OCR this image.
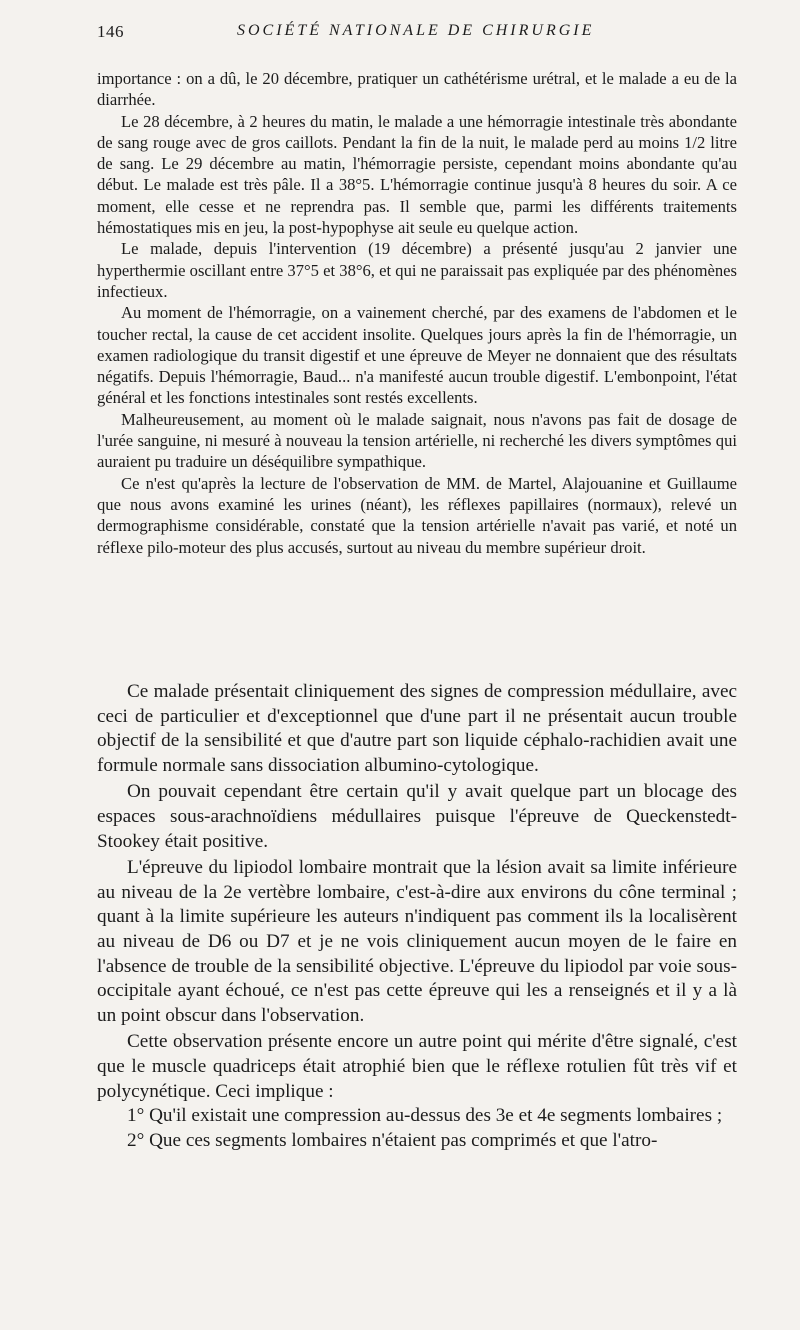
146	SOCIÉTÉ NATIONALE DE CHIRURGIE

importance : on a dû, le 20 décembre, pratiquer un cathétérisme urétral, et le malade a eu de la diarrhée.

Le 28 décembre, à 2 heures du matin, le malade a une hémorragie intestinale très abondante de sang rouge avec de gros caillots. Pendant la fin de la nuit, le malade perd au moins 1/2 litre de sang. Le 29 décembre au matin, l'hémorragie persiste, cependant moins abondante qu'au début. Le malade est très pâle. Il a 38°5. L'hémorragie continue jusqu'à 8 heures du soir. A ce moment, elle cesse et ne reprendra pas. Il semble que, parmi les différents traitements hémostatiques mis en jeu, la post-hypophyse ait seule eu quelque action.

Le malade, depuis l'intervention (19 décembre) a présenté jusqu'au 2 janvier une hyperthermie oscillant entre 37°5 et 38°6, et qui ne paraissait pas expliquée par des phénomènes infectieux.

Au moment de l'hémorragie, on a vainement cherché, par des examens de l'abdomen et le toucher rectal, la cause de cet accident insolite. Quelques jours après la fin de l'hémorragie, un examen radiologique du transit digestif et une épreuve de Meyer ne donnaient que des résultats négatifs. Depuis l'hémorragie, Baud... n'a manifesté aucun trouble digestif. L'embonpoint, l'état général et les fonctions intestinales sont restés excellents.

Malheureusement, au moment où le malade saignait, nous n'avons pas fait de dosage de l'urée sanguine, ni mesuré à nouveau la tension artérielle, ni recherché les divers symptômes qui auraient pu traduire un déséquilibre sympathique.

Ce n'est qu'après la lecture de l'observation de MM. de Martel, Alajouanine et Guillaume que nous avons examiné les urines (néant), les réflexes papillaires (normaux), relevé un dermographisme considérable, constaté que la tension artérielle n'avait pas varié, et noté un réflexe pilo-moteur des plus accusés, surtout au niveau du membre supérieur droit.

Ce malade présentait cliniquement des signes de compression médullaire, avec ceci de particulier et d'exceptionnel que d'une part il ne présentait aucun trouble objectif de la sensibilité et que d'autre part son liquide céphalo-rachidien avait une formule normale sans dissociation albumino-cytologique.

On pouvait cependant être certain qu'il y avait quelque part un blocage des espaces sous-arachnoïdiens médullaires puisque l'épreuve de Queckenstedt-Stookey était positive.

L'épreuve du lipiodol lombaire montrait que la lésion avait sa limite inférieure au niveau de la 2e vertèbre lombaire, c'est-à-dire aux environs du cône terminal ; quant à la limite supérieure les auteurs n'indiquent pas comment ils la localisèrent au niveau de D6 ou D7 et je ne vois cliniquement aucun moyen de le faire en l'absence de trouble de la sensibilité objective. L'épreuve du lipiodol par voie sous-occipitale ayant échoué, ce n'est pas cette épreuve qui les a renseignés et il y a là un point obscur dans l'observation.

Cette observation présente encore un autre point qui mérite d'être signalé, c'est que le muscle quadriceps était atrophié bien que le réflexe rotulien fût très vif et polycynétique. Ceci implique :

1° Qu'il existait une compression au-dessus des 3e et 4e segments lombaires ;

2° Que ces segments lombaires n'étaient pas comprimés et que l'atro-
